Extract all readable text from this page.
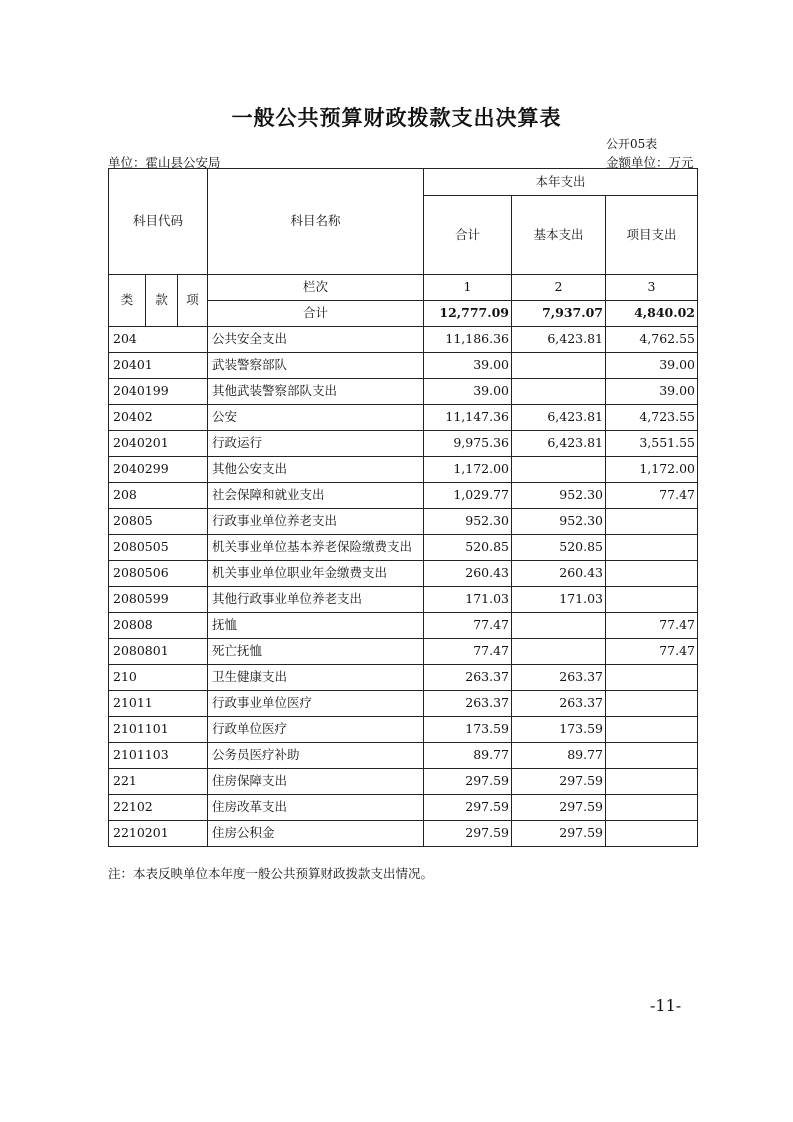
一般公共预算财政拨款支出决算表
公开05表
单位：霍山县公安局	金额单位：万元
科目代码			科目名称	本年支出		
				合计	基本支出	项目支出

类	款	项	栏次	1	2	3
			合计	12,777.09	7,937.07	4,840.02
204			公共安全支出	11,186.36	6,423.81	4,762.55
20401			武装警察部队	39.00		39.00
2040199			其他武装警察部队支出	39.00		39.00
20402			公安	11,147.36	6,423.81	4,723.55
2040201			行政运行	9,975.36	6,423.81	3,551.55
2040299			其他公安支出	1,172.00		1,172.00
208			社会保障和就业支出	1,029.77	952.30	77.47
20805			行政事业单位养老支出	952.30	952.30	
2080505			机关事业单位基本养老保险缴费支出	520.85	520.85	
2080506			机关事业单位职业年金缴费支出	260.43	260.43	
2080599			其他行政事业单位养老支出	171.03	171.03	
20808			抚恤	77.47		77.47
2080801			死亡抚恤	77.47		77.47
210			卫生健康支出	263.37	263.37	
21011			行政事业单位医疗	263.37	263.37	
2101101			行政单位医疗	173.59	173.59	
2101103			公务员医疗补助	89.77	89.77	
221			住房保障支出	297.59	297.59	
22102			住房改革支出	297.59	297.59	
2210201			住房公积金	297.59	297.59	
注：本表反映单位本年度一般公共预算财政拨款支出情况。
-11-
